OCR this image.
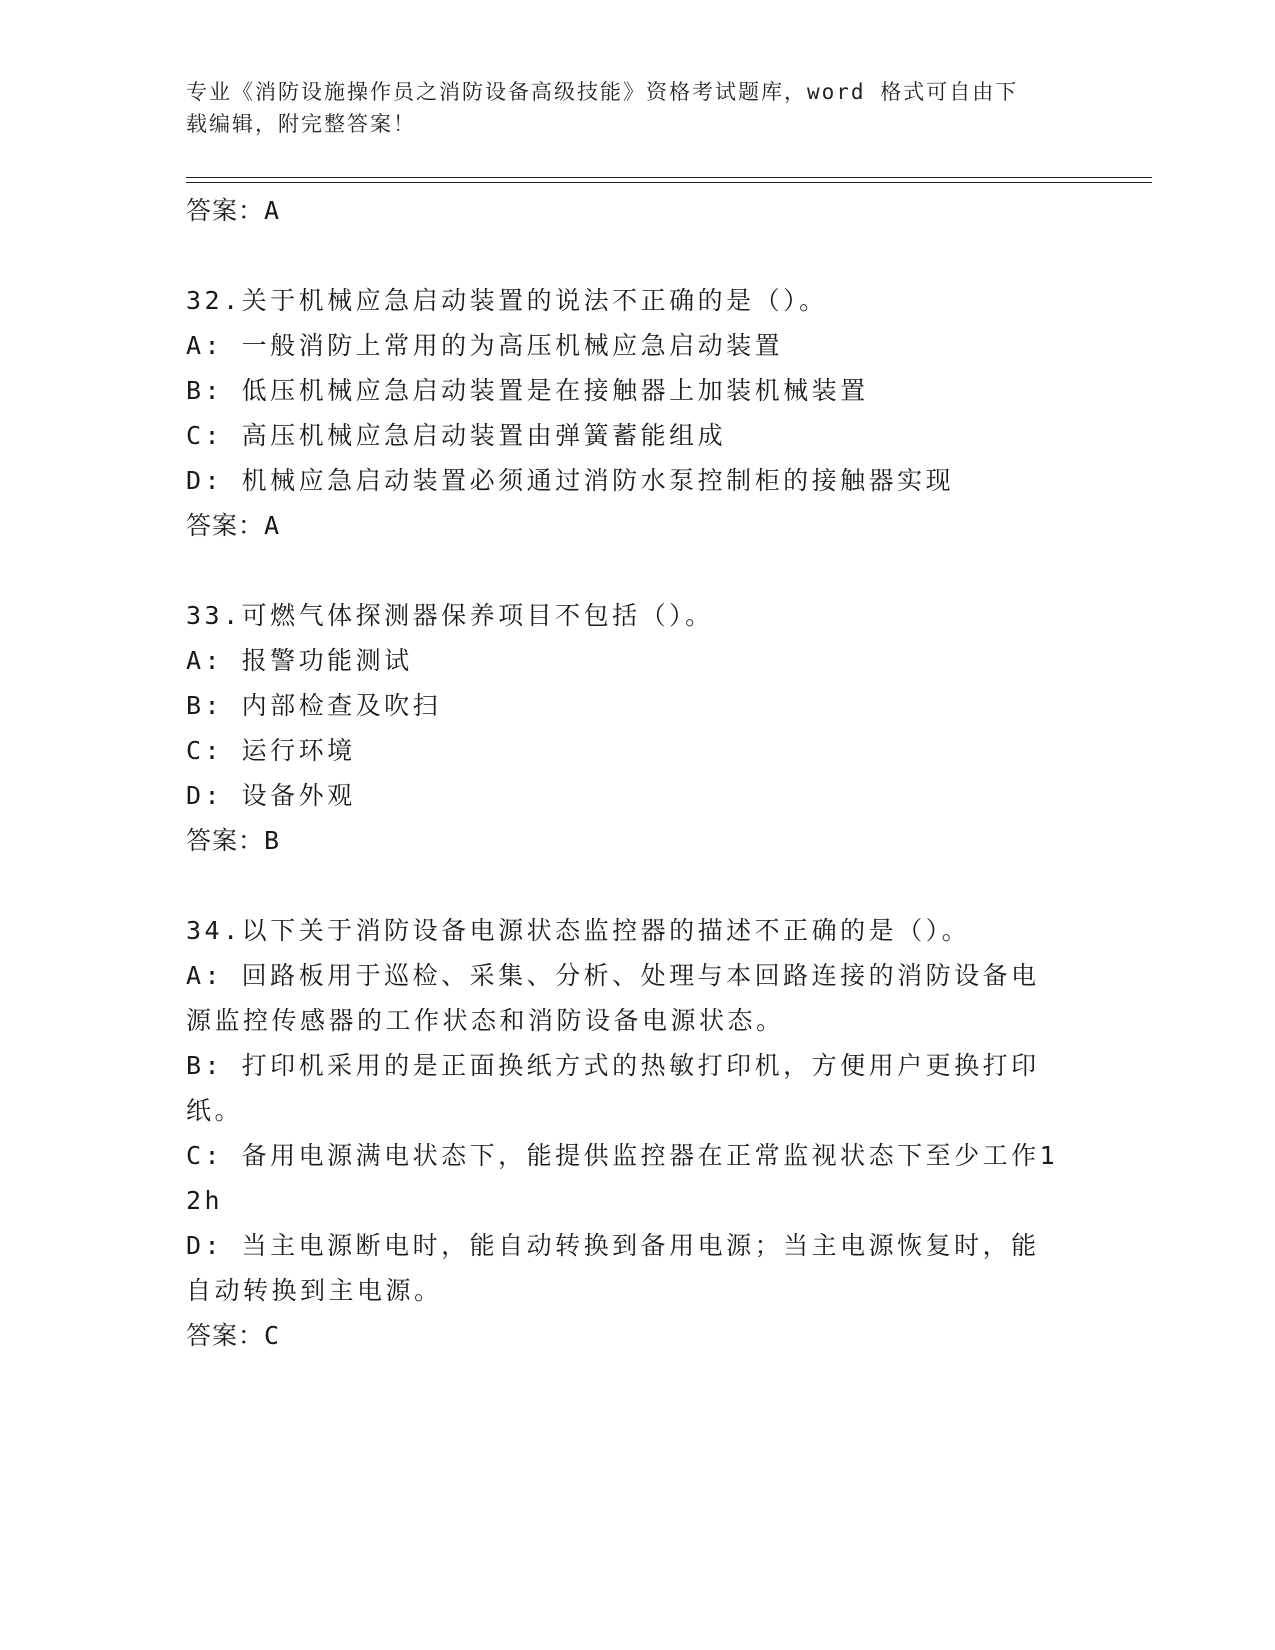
专业《消防设施操作员之消防设备高级技能》资格考试题库，word 格式可自由下
载编辑，附完整答案！
答案：A
32.关于机械应急启动装置的说法不正确的是（）。
A: 一般消防上常用的为高压机械应急启动装置
B: 低压机械应急启动装置是在接触器上加装机械装置
C: 高压机械应急启动装置由弹簧蓄能组成
D: 机械应急启动装置必须通过消防水泵控制柜的接触器实现
答案：A
33.可燃气体探测器保养项目不包括（）。
A: 报警功能测试
B: 内部检查及吹扫
C: 运行环境
D: 设备外观
答案：B
34.以下关于消防设备电源状态监控器的描述不正确的是（）。
A: 回路板用于巡检、采集、分析、处理与本回路连接的消防设备电源监控传感器的工作状态和消防设备电源状态。
B: 打印机采用的是正面换纸方式的热敏打印机，方便用户更换打印纸。
C: 备用电源满电状态下，能提供监控器在正常监视状态下至少工作12h
D: 当主电源断电时，能自动转换到备用电源；当主电源恢复时，能自动转换到主电源。
答案：C
